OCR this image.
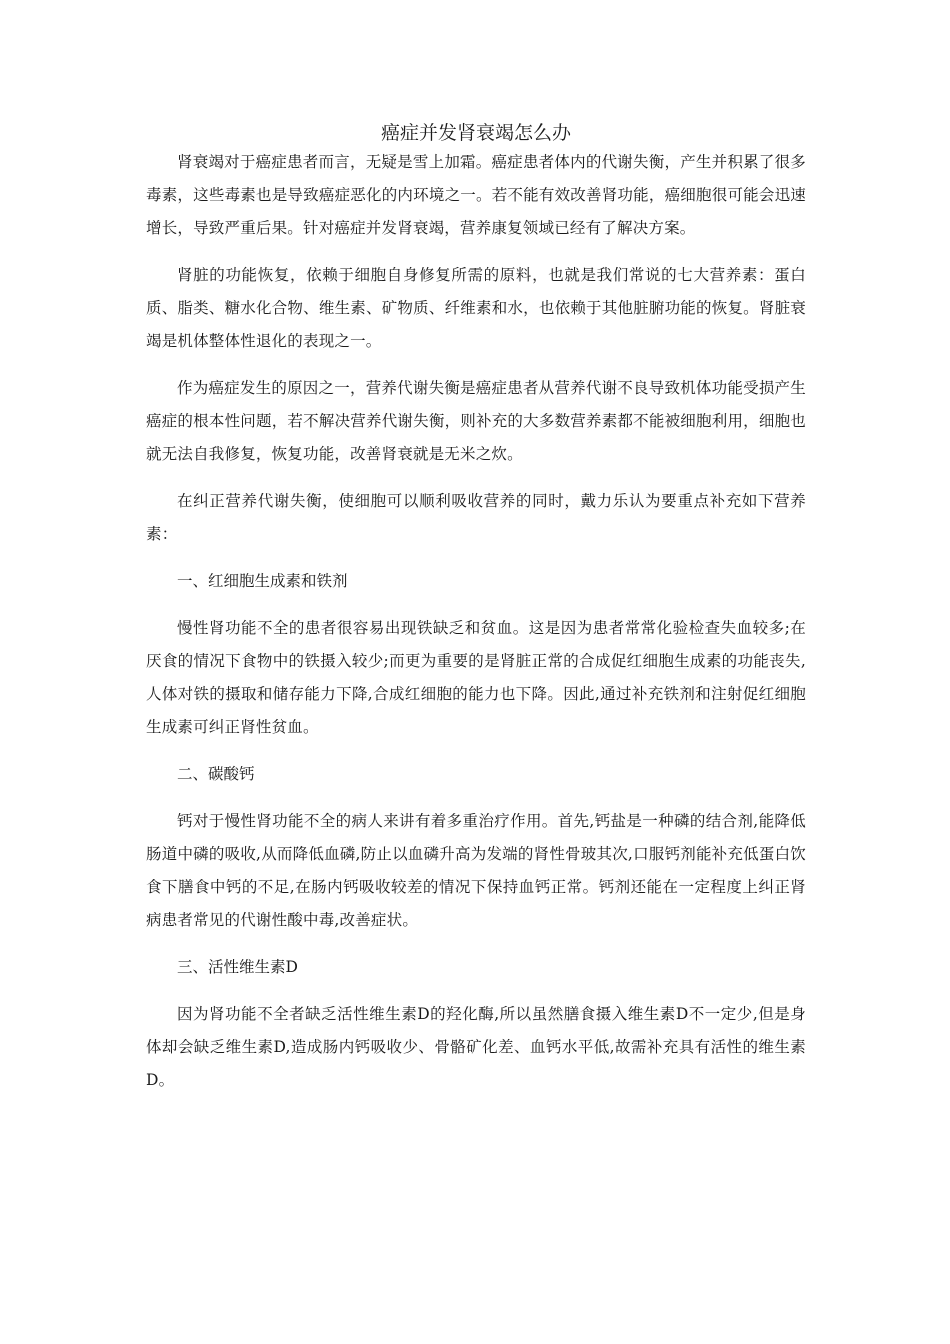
癌症并发肾衰竭怎么办

肾衰竭对于癌症患者而言，无疑是雪上加霜。癌症患者体内的代谢失衡，产生并积累了很多毒素，这些毒素也是导致癌症恶化的内环境之一。若不能有效改善肾功能，癌细胞很可能会迅速增长，导致严重后果。针对癌症并发肾衰竭，营养康复领域已经有了解决方案。

肾脏的功能恢复，依赖于细胞自身修复所需的原料，也就是我们常说的七大营养素：蛋白质、脂类、糖水化合物、维生素、矿物质、纤维素和水，也依赖于其他脏腑功能的恢复。肾脏衰竭是机体整体性退化的表现之一。

作为癌症发生的原因之一，营养代谢失衡是癌症患者从营养代谢不良导致机体功能受损产生癌症的根本性问题，若不解决营养代谢失衡，则补充的大多数营养素都不能被细胞利用，细胞也就无法自我修复，恢复功能，改善肾衰就是无米之炊。

在纠正营养代谢失衡，使细胞可以顺利吸收营养的同时，戴力乐认为要重点补充如下营养素：

一、红细胞生成素和铁剂

慢性肾功能不全的患者很容易出现铁缺乏和贫血。这是因为患者常常化验检查失血较多;在厌食的情况下食物中的铁摄入较少;而更为重要的是肾脏正常的合成促红细胞生成素的功能丧失,人体对铁的摄取和储存能力下降,合成红细胞的能力也下降。因此,通过补充铁剂和注射促红细胞生成素可纠正肾性贫血。

二、碳酸钙

钙对于慢性肾功能不全的病人来讲有着多重治疗作用。首先,钙盐是一种磷的结合剂,能降低肠道中磷的吸收,从而降低血磷,防止以血磷升高为发端的肾性骨玻其次,口服钙剂能补充低蛋白饮食下膳食中钙的不足,在肠内钙吸收较差的情况下保持血钙正常。钙剂还能在一定程度上纠正肾病患者常见的代谢性酸中毒,改善症状。

三、活性维生素D

因为肾功能不全者缺乏活性维生素D的羟化酶,所以虽然膳食摄入维生素D不一定少,但是身体却会缺乏维生素D,造成肠内钙吸收少、骨骼矿化差、血钙水平低,故需补充具有活性的维生素D。
